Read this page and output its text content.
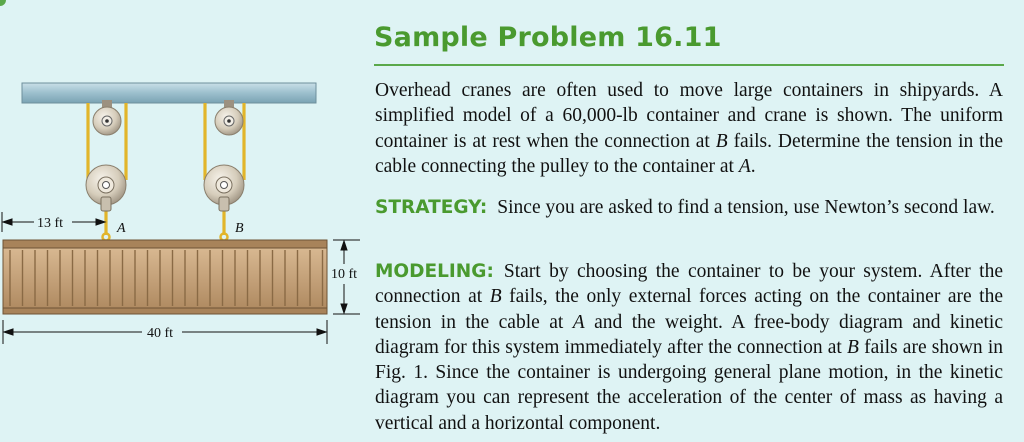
A	B
13 ft
10 ft
40 ft
Sample Problem 16.11
Overhead cranes are often used to move large containers in shipyards. A simplified model of a 60,000-lb container and crane is shown. The uniform container is at rest when the connection at B fails. Determine the tension in the cable connecting the pulley to the container at A.
STRATEGY: Since you are asked to find a tension, use Newton’s second law.
MODELING: Start by choosing the container to be your system. After the connection at B fails, the only external forces acting on the container are the tension in the cable at A and the weight. A free-body diagram and kinetic diagram for this system immediately after the connection at B fails are shown in Fig. 1. Since the container is undergoing general plane motion, in the kinetic diagram you can represent the acceleration of the center of mass as having a vertical and a horizontal component.
